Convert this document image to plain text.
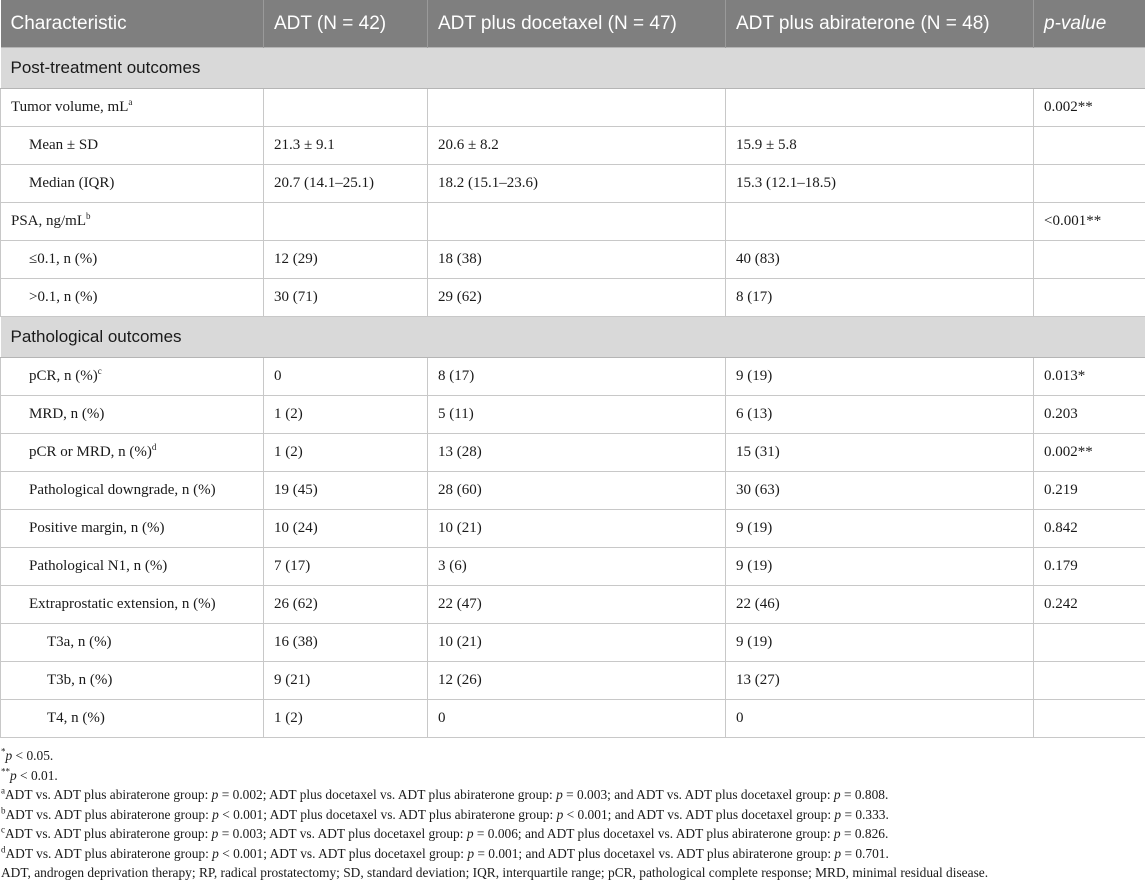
Characteristic	ADT (N = 42)	ADT plus docetaxel (N = 47)	ADT plus abiraterone (N = 48)	p-value
Post-treatment outcomes				
Tumor volume, $mL^a$				0.002**
Mean ± SD	21.3 ± 9.1	20.6 ± 8.2	15.9 ± 5.8	
Median (IQR)	20.7 (14.1–25.1)	18.2 (15.1–23.6)	15.3 (12.1–18.5)	
PSA, $ng/mL^b$				<0.001**
≤0.1, n (%)	12 (29)	18 (38)	40 (83)	
>0.1, n (%)	30 (71)	29 (62)	8 (17)	
Pathological outcomes				
pCR, n (%)$^c$	0	8 (17)	9 (19)	0.013*
MRD, n (%)	1 (2)	5 (11)	6 (13)	0.203
pCR or MRD, n (%)$^d$	1 (2)	13 (28)	15 (31)	0.002**
Pathological downgrade, n (%)	19 (45)	28 (60)	30 (63)	0.219
Positive margin, n (%)	10 (24)	10 (21)	9 (19)	0.842
Pathological N1, n (%)	7 (17)	3 (6)	9 (19)	0.179
Extraprostatic extension, n (%)	26 (62)	22 (47)	22 (46)	0.242
T3a, n (%)	16 (38)	10 (21)	9 (19)	
T3b, n (%)	9 (21)	12 (26)	13 (27)	
T4, n (%)	1 (2)	0	0	
*p < 0.05.
**p < 0.01.
$^a$ADT vs. ADT plus abiraterone group: p = 0.002; ADT plus docetaxel vs. ADT plus abiraterone group: p = 0.003; and ADT vs. ADT plus docetaxel group: p = 0.808.
$^b$ADT vs. ADT plus abiraterone group: p < 0.001; ADT plus docetaxel vs. ADT plus abiraterone group: p < 0.001; and ADT vs. ADT plus docetaxel group: p = 0.333.
$^c$ADT vs. ADT plus abiraterone group: p = 0.003; ADT vs. ADT plus docetaxel group: p = 0.006; and ADT plus docetaxel vs. ADT plus abiraterone group: p = 0.826.
$^d$ADT vs. ADT plus abiraterone group: p < 0.001; ADT vs. ADT plus docetaxel group: p = 0.001; and ADT plus docetaxel vs. ADT plus abiraterone group: p = 0.701.
ADT, androgen deprivation therapy; RP, radical prostatectomy; SD, standard deviation; IQR, interquartile range; pCR, pathological complete response; MRD, minimal residual disease.
